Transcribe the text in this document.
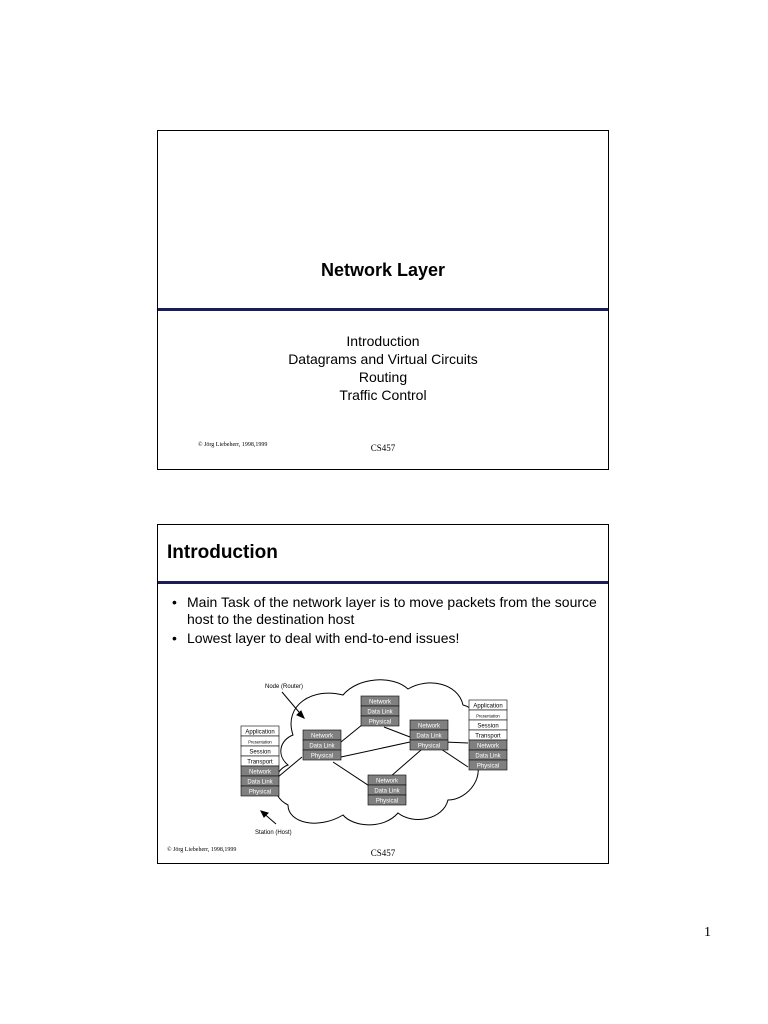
Network Layer
Introduction
Datagrams and Virtual Circuits
Routing
Traffic Control
© Jörg Liebeherr, 1998,1999	CS457
Introduction
• Main Task of the network layer is to move packets from the source host to the destination host
• Lowest layer to deal with end-to-end issues!
Application
Presentation
Session
Transport
Network
Data Link
Physical
Application
Presentation
Session
Transport
Network
Data Link
Physical
Network
Data Link
Physical
Network
Data Link
Physical
Network
Data Link
Physical
Network
Data Link
Physical
Node (Router)
Station (Host)
© Jörg Liebeherr, 1998,1999	CS457
1
